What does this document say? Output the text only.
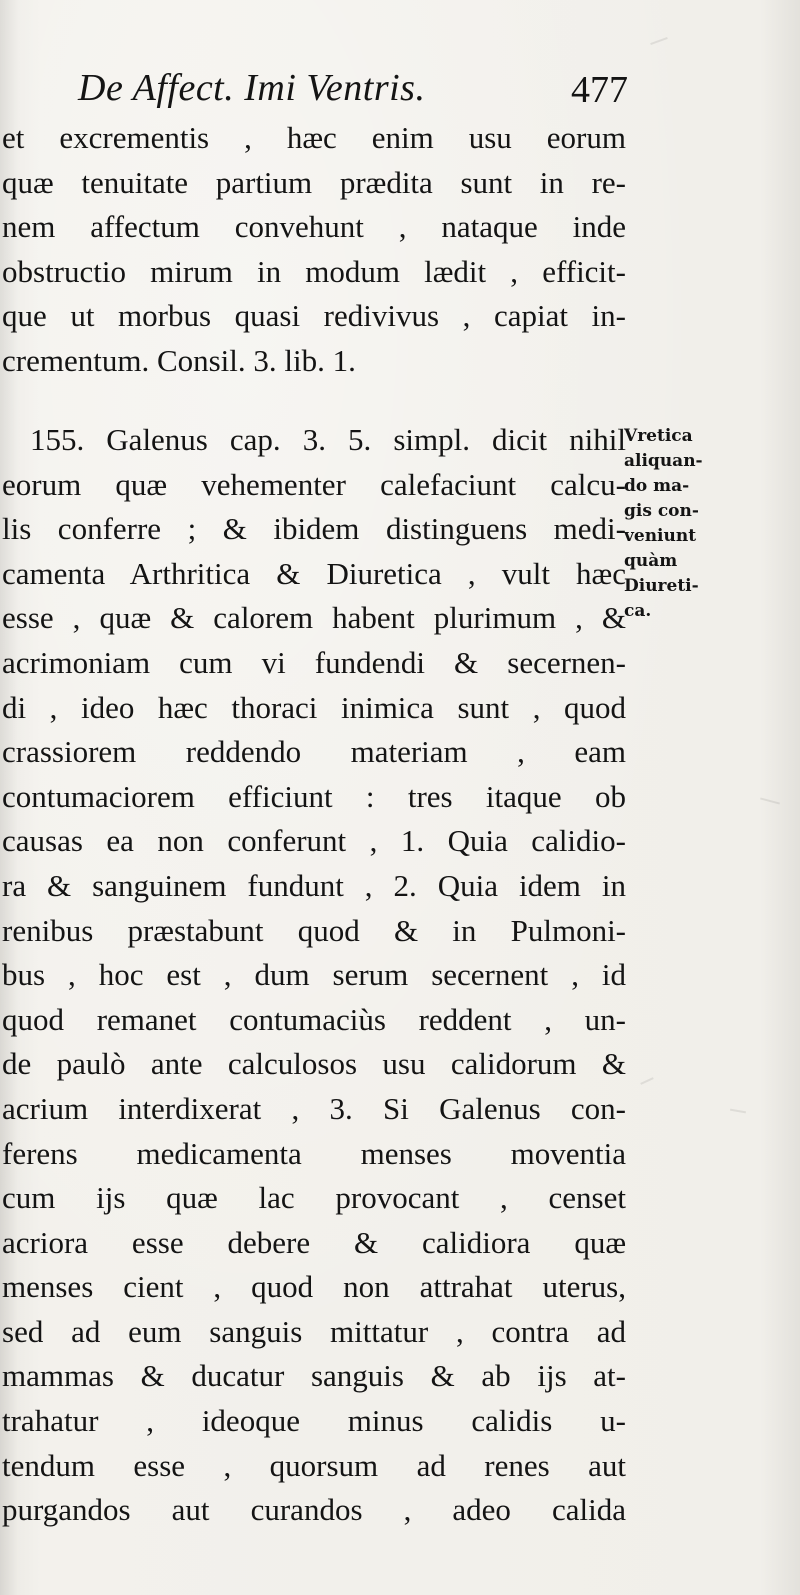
De Affect. Imi Ventris.	477
et excrementis , hæc enim usu eorum
quæ tenuitate partium prædita sunt in re-
nem affectum convehunt , nataque inde
obstructio mirum in modum lædit , efficit-
que ut morbus quasi redivivus , capiat in-
crementum. Consil. 3. lib. 1.
155. Galenus cap. 3. 5. simpl. dicit nihil
eorum quæ vehementer calefaciunt calcu-
lis conferre ; & ibidem distinguens medi-
camenta Arthritica & Diuretica , vult hæc
esse , quæ & calorem habent plurimum , &
acrimoniam cum vi fundendi & secernen-
di , ideo hæc thoraci inimica sunt , quod
crassiorem reddendo materiam , eam
contumaciorem efficiunt : tres itaque ob
causas ea non conferunt , 1. Quia calidio-
ra & sanguinem fundunt , 2. Quia idem in
renibus præstabunt quod & in Pulmoni-
bus , hoc est , dum serum secernent , id
quod remanet contumaciùs reddent , un-
de paulò ante calculosos usu calidorum &
acrium interdixerat , 3. Si Galenus con-
ferens medicamenta menses moventia
cum ijs quæ lac provocant , censet
acriora esse debere & calidiora quæ
menses cient , quod non attrahat uterus,
sed ad eum sanguis mittatur , contra ad
mammas & ducatur sanguis & ab ijs at-
trahatur , ideoque minus calidis u-
tendum esse , quorsum ad renes aut
purgandos aut curandos , adeo calida
Vretica
aliquan-
do ma-
gis con-
veniunt
quàm
Diureti-
ca.
